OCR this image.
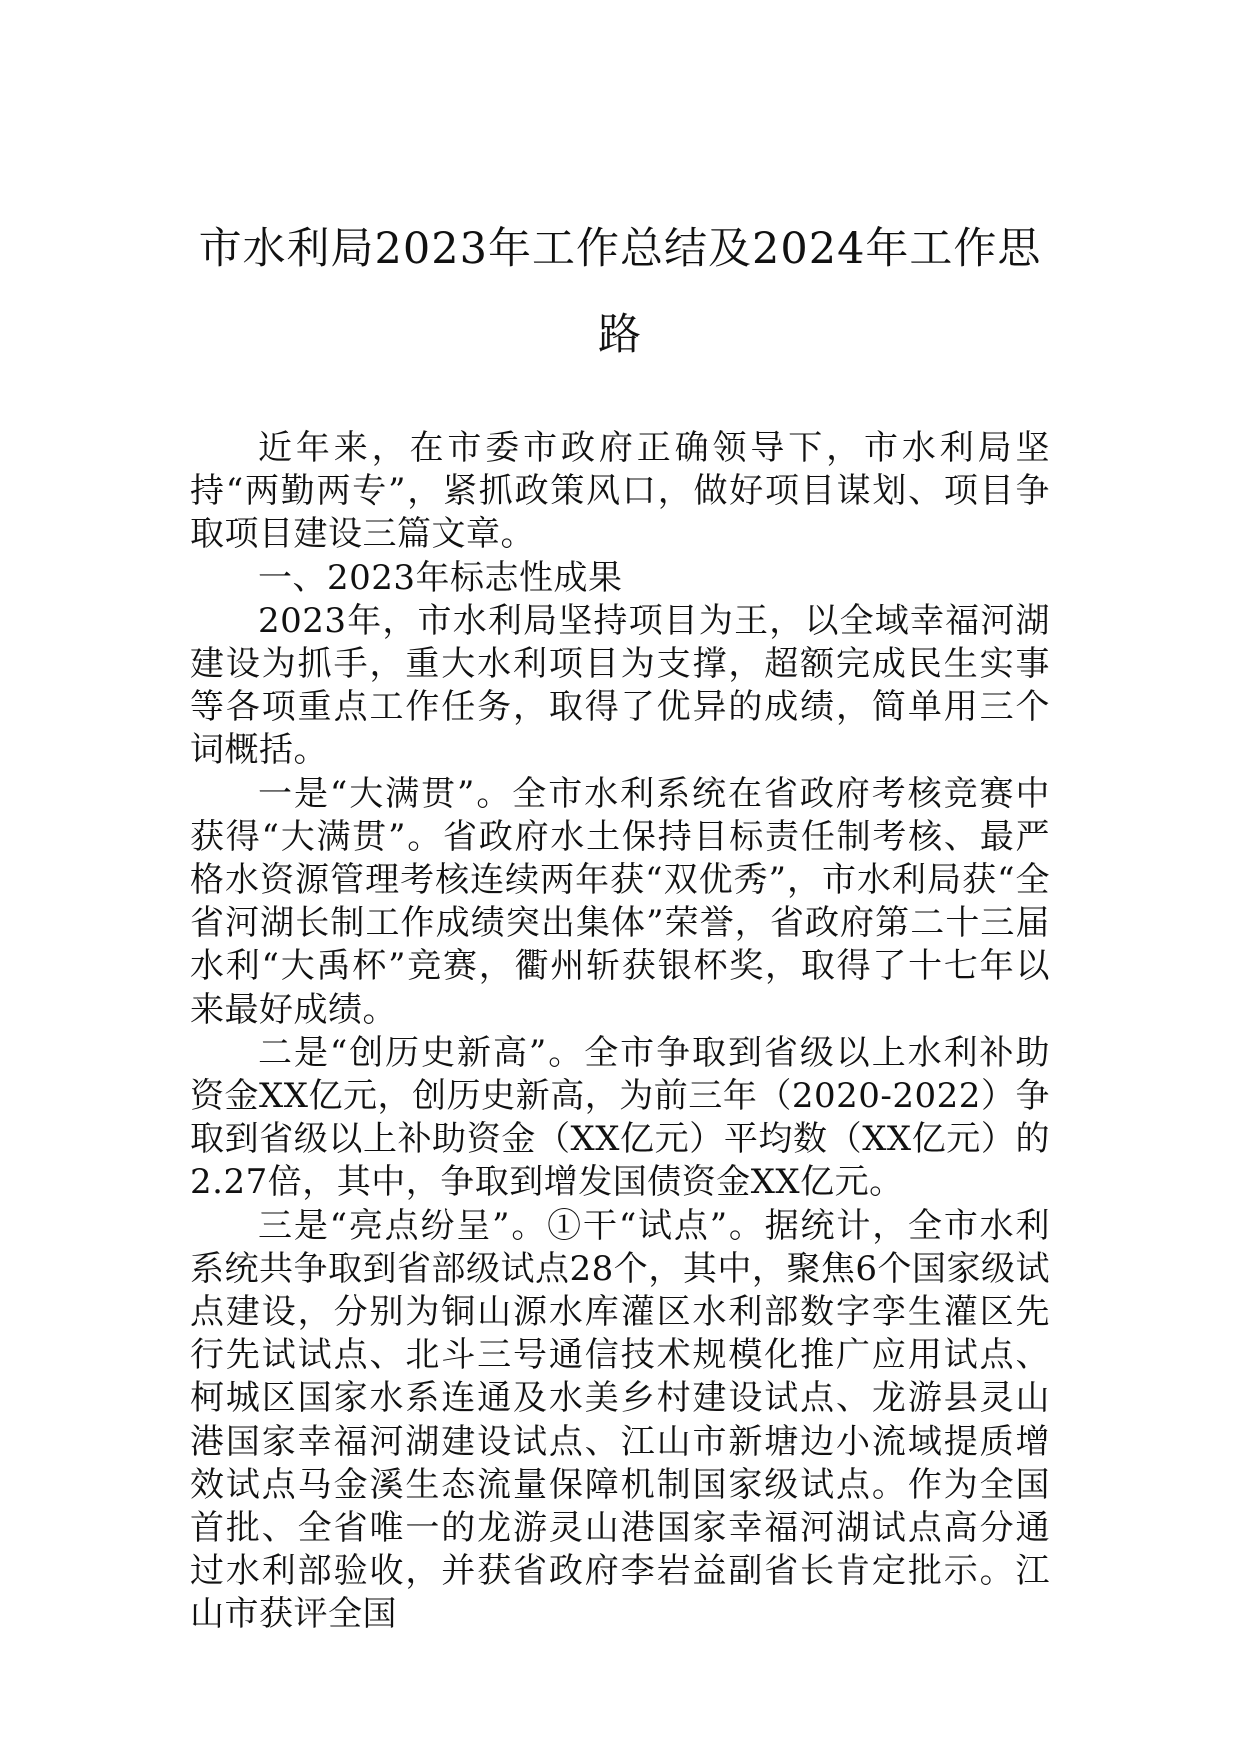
市水利局2023年工作总结及2024年工作思路

近年来，在市委市政府正确领导下，市水利局坚持“两勤两专”，紧抓政策风口，做好项目谋划、项目争取项目建设三篇文章。

一、2023年标志性成果

2023年，市水利局坚持项目为王，以全域幸福河湖建设为抓手，重大水利项目为支撑，超额完成民生实事等各项重点工作任务，取得了优异的成绩，简单用三个词概括。

一是“大满贯”。全市水利系统在省政府考核竞赛中获得“大满贯”。省政府水土保持目标责任制考核、最严格水资源管理考核连续两年获“双优秀”，市水利局获“全省河湖长制工作成绩突出集体”荣誉，省政府第二十三届水利“大禹杯”竞赛，衢州斩获银杯奖，取得了十七年以来最好成绩。

二是“创历史新高”。全市争取到省级以上水利补助资金XX亿元，创历史新高，为前三年（2020-2022）争取到省级以上补助资金（XX亿元）平均数（XX亿元）的2.27倍，其中，争取到增发国债资金XX亿元。

三是“亮点纷呈”。①干“试点”。据统计，全市水利系统共争取到省部级试点28个，其中，聚焦6个国家级试点建设，分别为铜山源水库灌区水利部数字孪生灌区先行先试试点、北斗三号通信技术规模化推广应用试点、柯城区国家水系连通及水美乡村建设试点、龙游县灵山港国家幸福河湖建设试点、江山市新塘边小流域提质增效试点马金溪生态流量保障机制国家级试点。作为全国首批、全省唯一的龙游灵山港国家幸福河湖试点高分通过水利部验收，并获省政府李岩益副省长肯定批示。江山市获评全国
